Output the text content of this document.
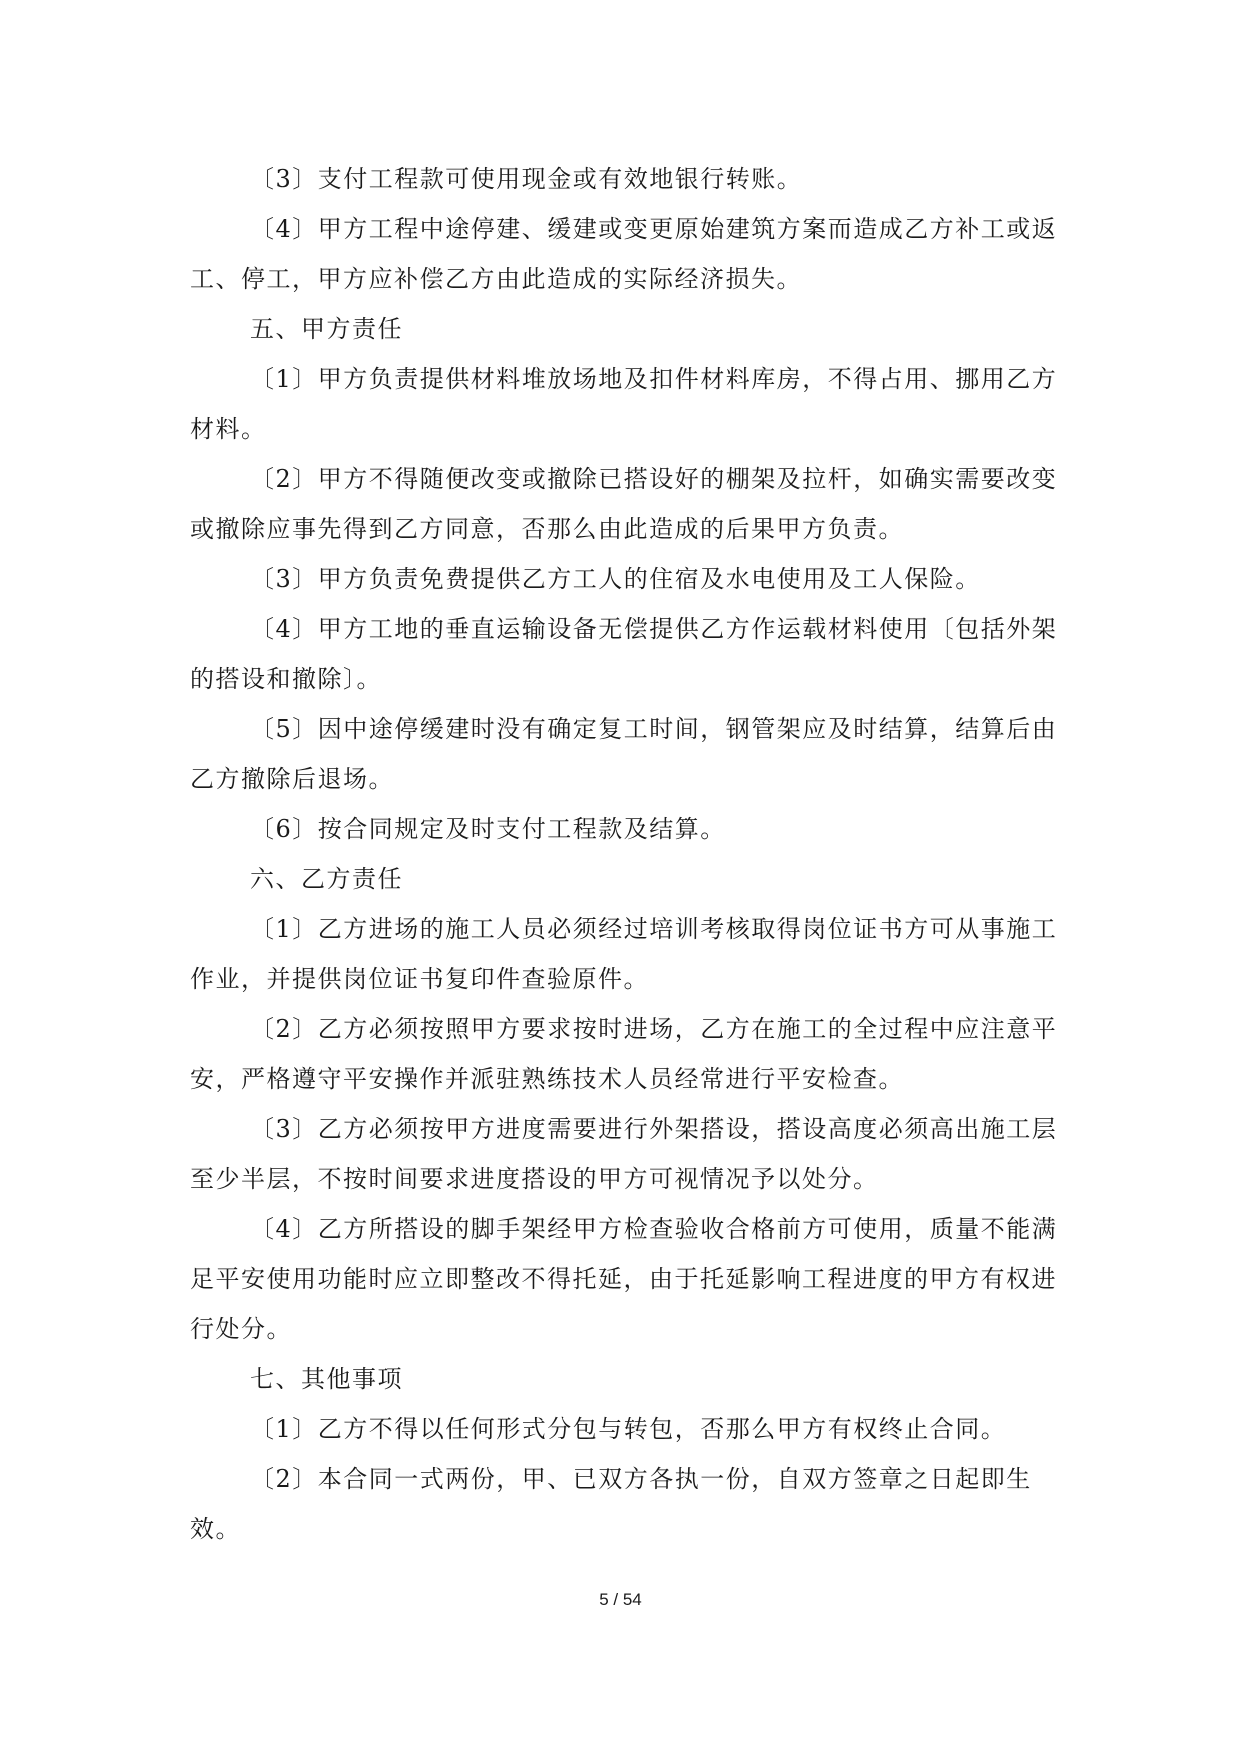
〔3〕支付工程款可使用现金或有效地银行转账。

〔4〕甲方工程中途停建、缓建或变更原始建筑方案而造成乙方补工或返工、停工，甲方应补偿乙方由此造成的实际经济损失。

五、甲方责任

〔1〕甲方负责提供材料堆放场地及扣件材料库房，不得占用、挪用乙方材料。

〔2〕甲方不得随便改变或撤除已搭设好的棚架及拉杆，如确实需要改变或撤除应事先得到乙方同意，否那么由此造成的后果甲方负责。

〔3〕甲方负责免费提供乙方工人的住宿及水电使用及工人保险。

〔4〕甲方工地的垂直运输设备无偿提供乙方作运载材料使用〔包括外架的搭设和撤除〕。

〔5〕因中途停缓建时没有确定复工时间，钢管架应及时结算，结算后由乙方撤除后退场。

〔6〕按合同规定及时支付工程款及结算。

六、乙方责任

〔1〕乙方进场的施工人员必须经过培训考核取得岗位证书方可从事施工作业，并提供岗位证书复印件查验原件。

〔2〕乙方必须按照甲方要求按时进场，乙方在施工的全过程中应注意平安，严格遵守平安操作并派驻熟练技术人员经常进行平安检查。

〔3〕乙方必须按甲方进度需要进行外架搭设，搭设高度必须高出施工层至少半层，不按时间要求进度搭设的甲方可视情况予以处分。

〔4〕乙方所搭设的脚手架经甲方检查验收合格前方可使用，质量不能满足平安使用功能时应立即整改不得托延，由于托延影响工程进度的甲方有权进行处分。

七、其他事项

〔1〕乙方不得以任何形式分包与转包，否那么甲方有权终止合同。

〔2〕本合同一式两份，甲、已双方各执一份，自双方签章之日起即生效。

5 / 54
